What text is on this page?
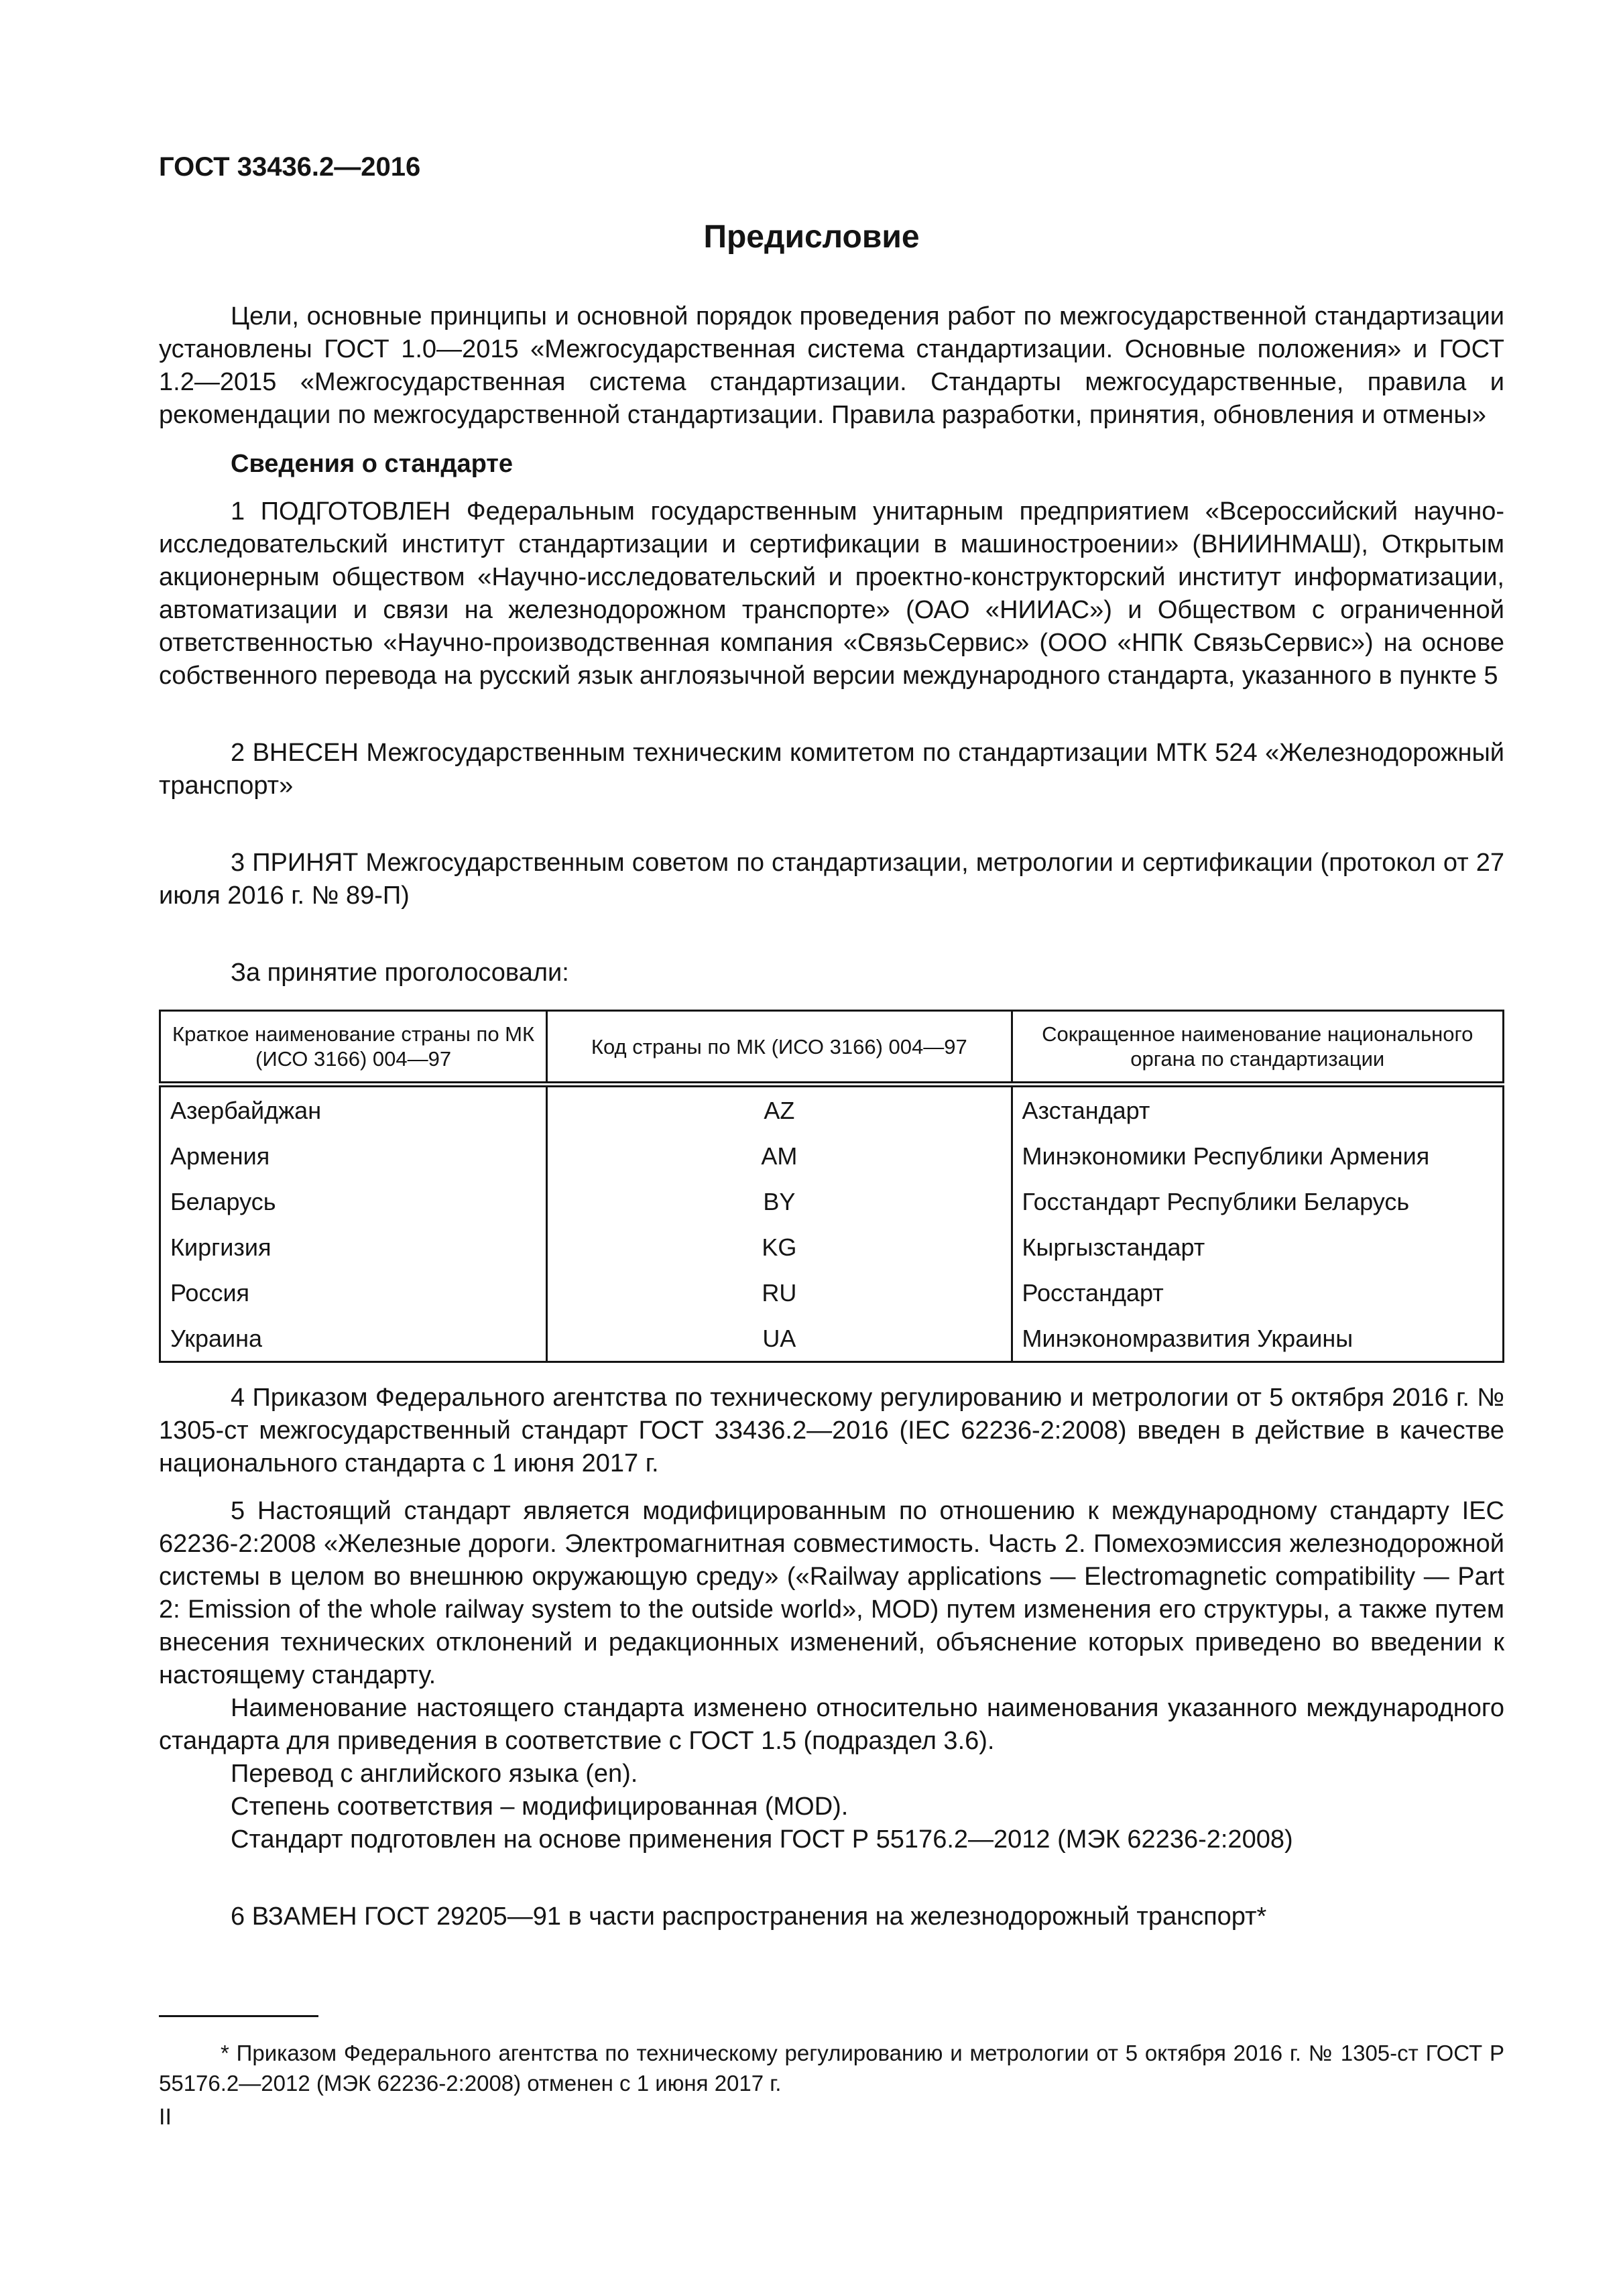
ГОСТ 33436.2—2016
Предисловие

Цели, основные принципы и основной порядок проведения работ по межгосударственной стандартизации установлены ГОСТ 1.0—2015 «Межгосударственная система стандартизации. Основные положения» и ГОСТ 1.2—2015 «Межгосударственная система стандартизации. Стандарты межгосударственные, правила и рекомендации по межгосударственной стандартизации. Правила разработки, принятия, обновления и отмены»

Сведения о стандарте

1 ПОДГОТОВЛЕН Федеральным государственным унитарным предприятием «Всероссийский научно-исследовательский институт стандартизации и сертификации в машиностроении» (ВНИИНМАШ), Открытым акционерным обществом «Научно-исследовательский и проектно-конструкторский институт информатизации, автоматизации и связи на железнодорожном транспорте» (ОАО «НИИАС») и Обществом с ограниченной ответственностью «Научно-производственная компания «СвязьСервис» (ООО «НПК СвязьСервис») на основе собственного перевода на русский язык англоязычной версии международного стандарта, указанного в пункте 5

2 ВНЕСЕН Межгосударственным техническим комитетом по стандартизации МТК 524 «Железнодорожный транспорт»

3 ПРИНЯТ Межгосударственным советом по стандартизации, метрологии и сертификации (протокол от 27 июля 2016 г. № 89-П)

За принятие проголосовали:

Краткое наименование страны по МК (ИСО 3166) 004—97	Код страны по МК (ИСО 3166) 004—97	Сокращенное наименование национального органа по стандартизации
Азербайджан	AZ	Азстандарт
Армения	AM	Минэкономики Республики Армения
Беларусь	BY	Госстандарт Республики Беларусь
Киргизия	KG	Кыргызстандарт
Россия	RU	Росстандарт
Украина	UA	Минэкономразвития Украины

4 Приказом Федерального агентства по техническому регулированию и метрологии от 5 октября 2016 г. № 1305-ст межгосударственный стандарт ГОСТ 33436.2—2016 (IEC 62236-2:2008) введен в действие в качестве национального стандарта с 1 июня 2017 г.

5 Настоящий стандарт является модифицированным по отношению к международному стандарту IEC 62236-2:2008 «Железные дороги. Электромагнитная совместимость. Часть 2. Помехоэмиссия железнодорожной системы в целом во внешнюю окружающую среду» («Railway applications — Electromagnetic compatibility — Part 2: Emission of the whole railway system to the outside world», MOD) путем изменения его структуры, а также путем внесения технических отклонений и редакционных изменений, объяснение которых приведено во введении к настоящему стандарту.

Наименование настоящего стандарта изменено относительно наименования указанного международного стандарта для приведения в соответствие с ГОСТ 1.5 (подраздел 3.6).

Перевод с английского языка (en).

Степень соответствия – модифицированная (MOD).

Стандарт подготовлен на основе применения ГОСТ Р 55176.2—2012 (МЭК 62236-2:2008)

6 ВЗАМЕН ГОСТ 29205—91 в части распространения на железнодорожный транспорт*

* Приказом Федерального агентства по техническому регулированию и метрологии от 5 октября 2016 г. № 1305-ст ГОСТ Р 55176.2—2012 (МЭК 62236-2:2008) отменен с 1 июня 2017 г.
II
